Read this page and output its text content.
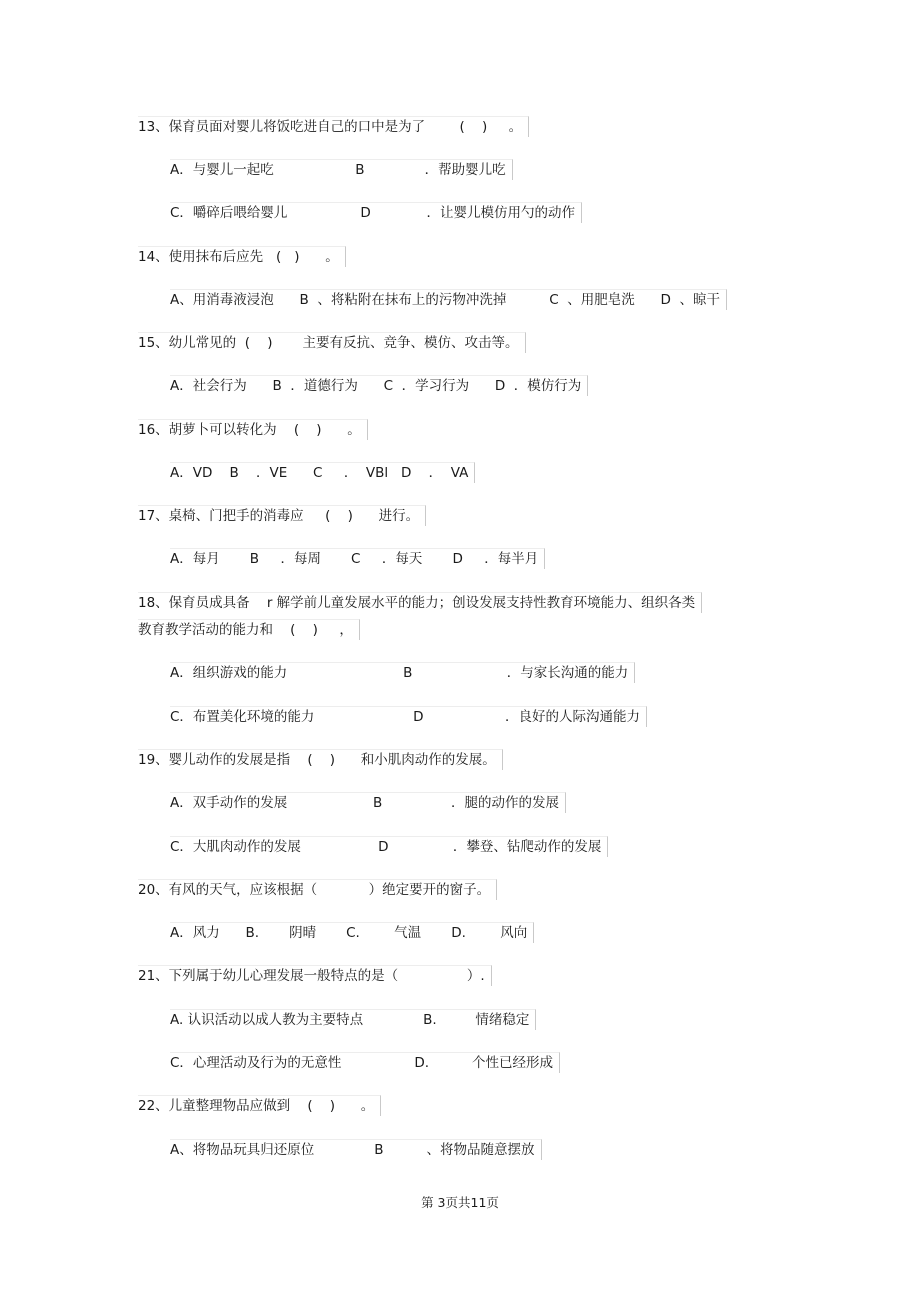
13、保育员面对婴儿将饭吃进自己的口中是为了        (    )     。
A．与婴儿一起吃                   B              ．帮助婴儿吃
C．嚼碎后喂给婴儿                 D             ．让婴儿模仿用勺的动作
14、使用抹布后应先   (   )      。
A、用消毒液浸泡      B  、将粘附在抹布上的污物冲洗掉          C  、用肥皂洗      D  、晾干
15、幼儿常见的  (    )       主要有反抗、竞争、模仿、攻击等。
A．社会行为      B  ．道德行为      C  ．学习行为      D  ．模仿行为
16、胡萝卜可以转化为    (    )      。
A．VD    B    ．VE      C     ．  VBl   D    ．  VA
17、桌椅、门把手的消毒应     (    )      进行。
A．每月       B     ．每周       C     ．每天       D     ．每半月
18、保育员成具备    r 解学前儿童发展水平的能力；创设发展支持性教育环境能力、组织各类
教育教学活动的能力和    (    )     ，
A．组织游戏的能力                           B                      ．与家长沟通的能力
C．布置美化环境的能力                       D                   ．良好的人际沟通能力
19、婴儿动作的发展是指    (    )      和小肌肉动作的发展。
A．双手动作的发展                    B                ．腿的动作的发展
C．大肌肉动作的发展                  D               ．攀登、钻爬动作的发展
20、有风的天气，应该根据（            ）绝定要开的窗子。
A．风力      B.       阴晴       C.        气温       D.        风向
21、下列属于幼儿心理发展一般特点的是（                ）.
A. 认识活动以成人教为主要特点              B.         情绪稳定
C．心理活动及行为的无意性                 D.          个性已经形成
22、儿童整理物品应做到    (    )      。
A、将物品玩具归还原位              B          、将物品随意摆放
第 3页共11页
